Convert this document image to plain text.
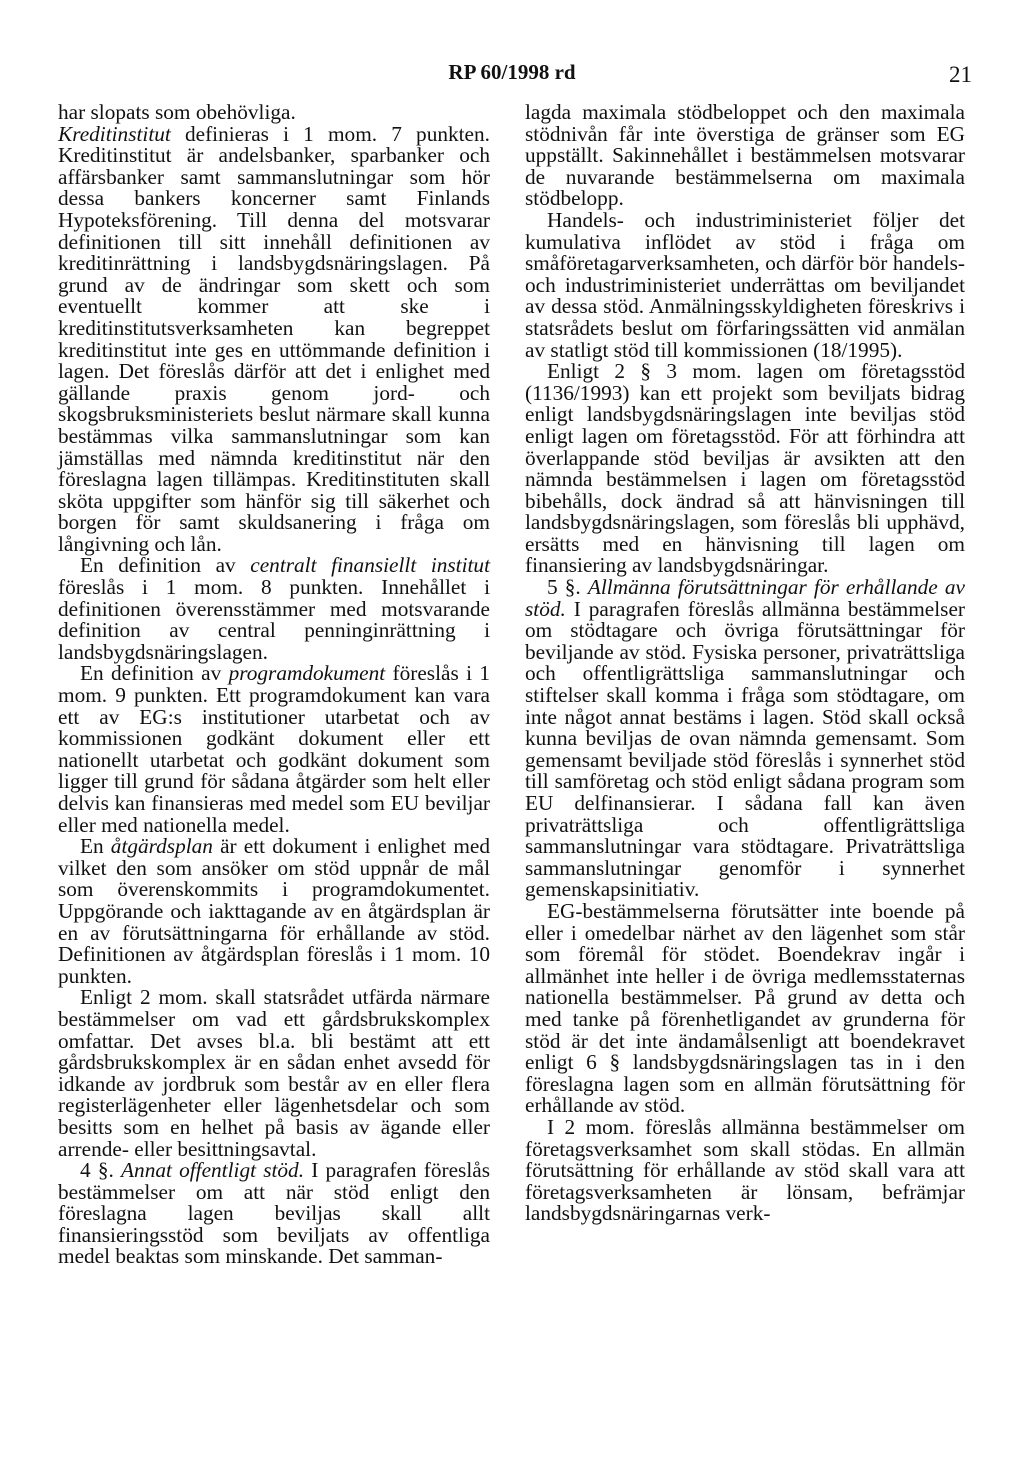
RP 60/1998 rd	21

har slopats som obehövliga.

Kreditinstitut definieras i 1 mom. 7 punkten. Kreditinstitut är andelsbanker, sparbanker och affärsbanker samt sammanslutningar som hör dessa bankers koncerner samt Finlands Hypoteksförening. Till denna del motsvarar definitionen till sitt innehåll definitionen av kreditinrättning i landsbygdsnäringslagen. På grund av de ändringar som skett och som eventuellt kommer att ske i kreditinstitutsverksamheten kan begreppet kreditinstitut inte ges en uttömmande definition i lagen. Det föreslås därför att det i enlighet med gällande praxis genom jord- och skogsbruksministeriets beslut närmare skall kunna bestämmas vilka sammanslutningar som kan jämställas med nämnda kreditinstitut när den föreslagna lagen tillämpas. Kreditinstituten skall sköta uppgifter som hänför sig till säkerhet och borgen för samt skuldsanering i fråga om långivning och lån.

En definition av centralt finansiellt institut föreslås i 1 mom. 8 punkten. Innehållet i definitionen överensstämmer med motsvarande definition av central penninginrättning i landsbygdsnäringslagen.

En definition av programdokument föreslås i 1 mom. 9 punkten. Ett programdokument kan vara ett av EG:s institutioner utarbetat och av kommissionen godkänt dokument eller ett nationellt utarbetat och godkänt dokument som ligger till grund för sådana åtgärder som helt eller delvis kan finansieras med medel som EU beviljar eller med nationella medel.

En åtgärdsplan är ett dokument i enlighet med vilket den som ansöker om stöd uppnår de mål som överenskommits i programdokumentet. Uppgörande och iakttagande av en åtgärdsplan är en av förutsättningarna för erhållande av stöd. Definitionen av åtgärdsplan föreslås i 1 mom. 10 punkten.

Enligt 2 mom. skall statsrådet utfärda närmare bestämmelser om vad ett gårdsbrukskomplex omfattar. Det avses bl.a. bli bestämt att ett gårdsbrukskomplex är en sådan enhet avsedd för idkande av jordbruk som består av en eller flera registerlägenheter eller lägenhetsdelar och som besitts som en helhet på basis av ägande eller arrende- eller besittningsavtal.

4 §. Annat offentligt stöd. I paragrafen föreslås bestämmelser om att när stöd enligt den föreslagna lagen beviljas skall allt finansieringsstöd som beviljats av offentliga medel beaktas som minskande. Det samman-

lagda maximala stödbeloppet och den maximala stödnivån får inte överstiga de gränser som EG uppställt. Sakinnehållet i bestämmelsen motsvarar de nuvarande bestämmelserna om maximala stödbelopp.

Handels- och industriministeriet följer det kumulativa inflödet av stöd i fråga om småföretagarverksamheten, och därför bör handels- och industriministeriet underrättas om beviljandet av dessa stöd. Anmälningsskyldigheten föreskrivs i statsrådets beslut om förfaringssätten vid anmälan av statligt stöd till kommissionen (18/1995).

Enligt 2 § 3 mom. lagen om företagsstöd (1136/1993) kan ett projekt som beviljats bidrag enligt landsbygdsnäringslagen inte beviljas stöd enligt lagen om företagsstöd. För att förhindra att överlappande stöd beviljas är avsikten att den nämnda bestämmelsen i lagen om företagsstöd bibehålls, dock ändrad så att hänvisningen till landsbygdsnäringslagen, som föreslås bli upphävd, ersätts med en hänvisning till lagen om finansiering av landsbygdsnäringar.

5 §. Allmänna förutsättningar för erhållande av stöd. I paragrafen föreslås allmänna bestämmelser om stödtagare och övriga förutsättningar för beviljande av stöd. Fysiska personer, privaträttsliga och offentligrättsliga sammanslutningar och stiftelser skall komma i fråga som stödtagare, om inte något annat bestäms i lagen. Stöd skall också kunna beviljas de ovan nämnda gemensamt. Som gemensamt beviljade stöd föreslås i synnerhet stöd till samföretag och stöd enligt sådana program som EU delfinansierar. I sådana fall kan även privaträttsliga och offentligrättsliga sammanslutningar vara stödtagare. Privaträttsliga sammanslutningar genomför i synnerhet gemenskapsinitiativ.

EG-bestämmelserna förutsätter inte boende på eller i omedelbar närhet av den lägenhet som står som föremål för stödet. Boendekrav ingår i allmänhet inte heller i de övriga medlemsstaternas nationella bestämmelser. På grund av detta och med tanke på förenhetligandet av grunderna för stöd är det inte ändamålsenligt att boendekravet enligt 6 § landsbygdsnäringslagen tas in i den föreslagna lagen som en allmän förutsättning för erhållande av stöd.

I 2 mom. föreslås allmänna bestämmelser om företagsverksamhet som skall stödas. En allmän förutsättning för erhållande av stöd skall vara att företagsverksamheten är lönsam, befrämjar landsbygdsnäringarnas verk-
